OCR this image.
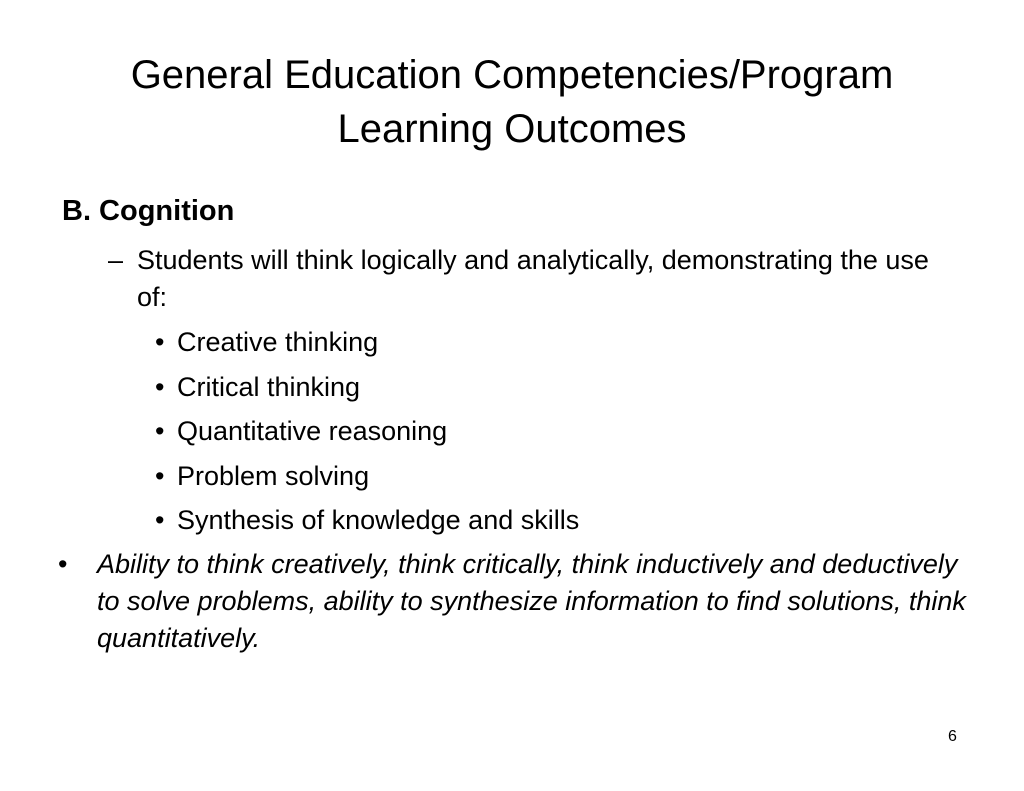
General Education Competencies/Program
Learning Outcomes
B. Cognition
– Students will think logically and analytically, demonstrating the use of:
• Creative thinking
• Critical thinking
• Quantitative reasoning
• Problem solving
• Synthesis of knowledge and skills
• Ability to think creatively, think critically, think inductively and deductively to solve problems, ability to synthesize information to find solutions, think quantitatively.
6
